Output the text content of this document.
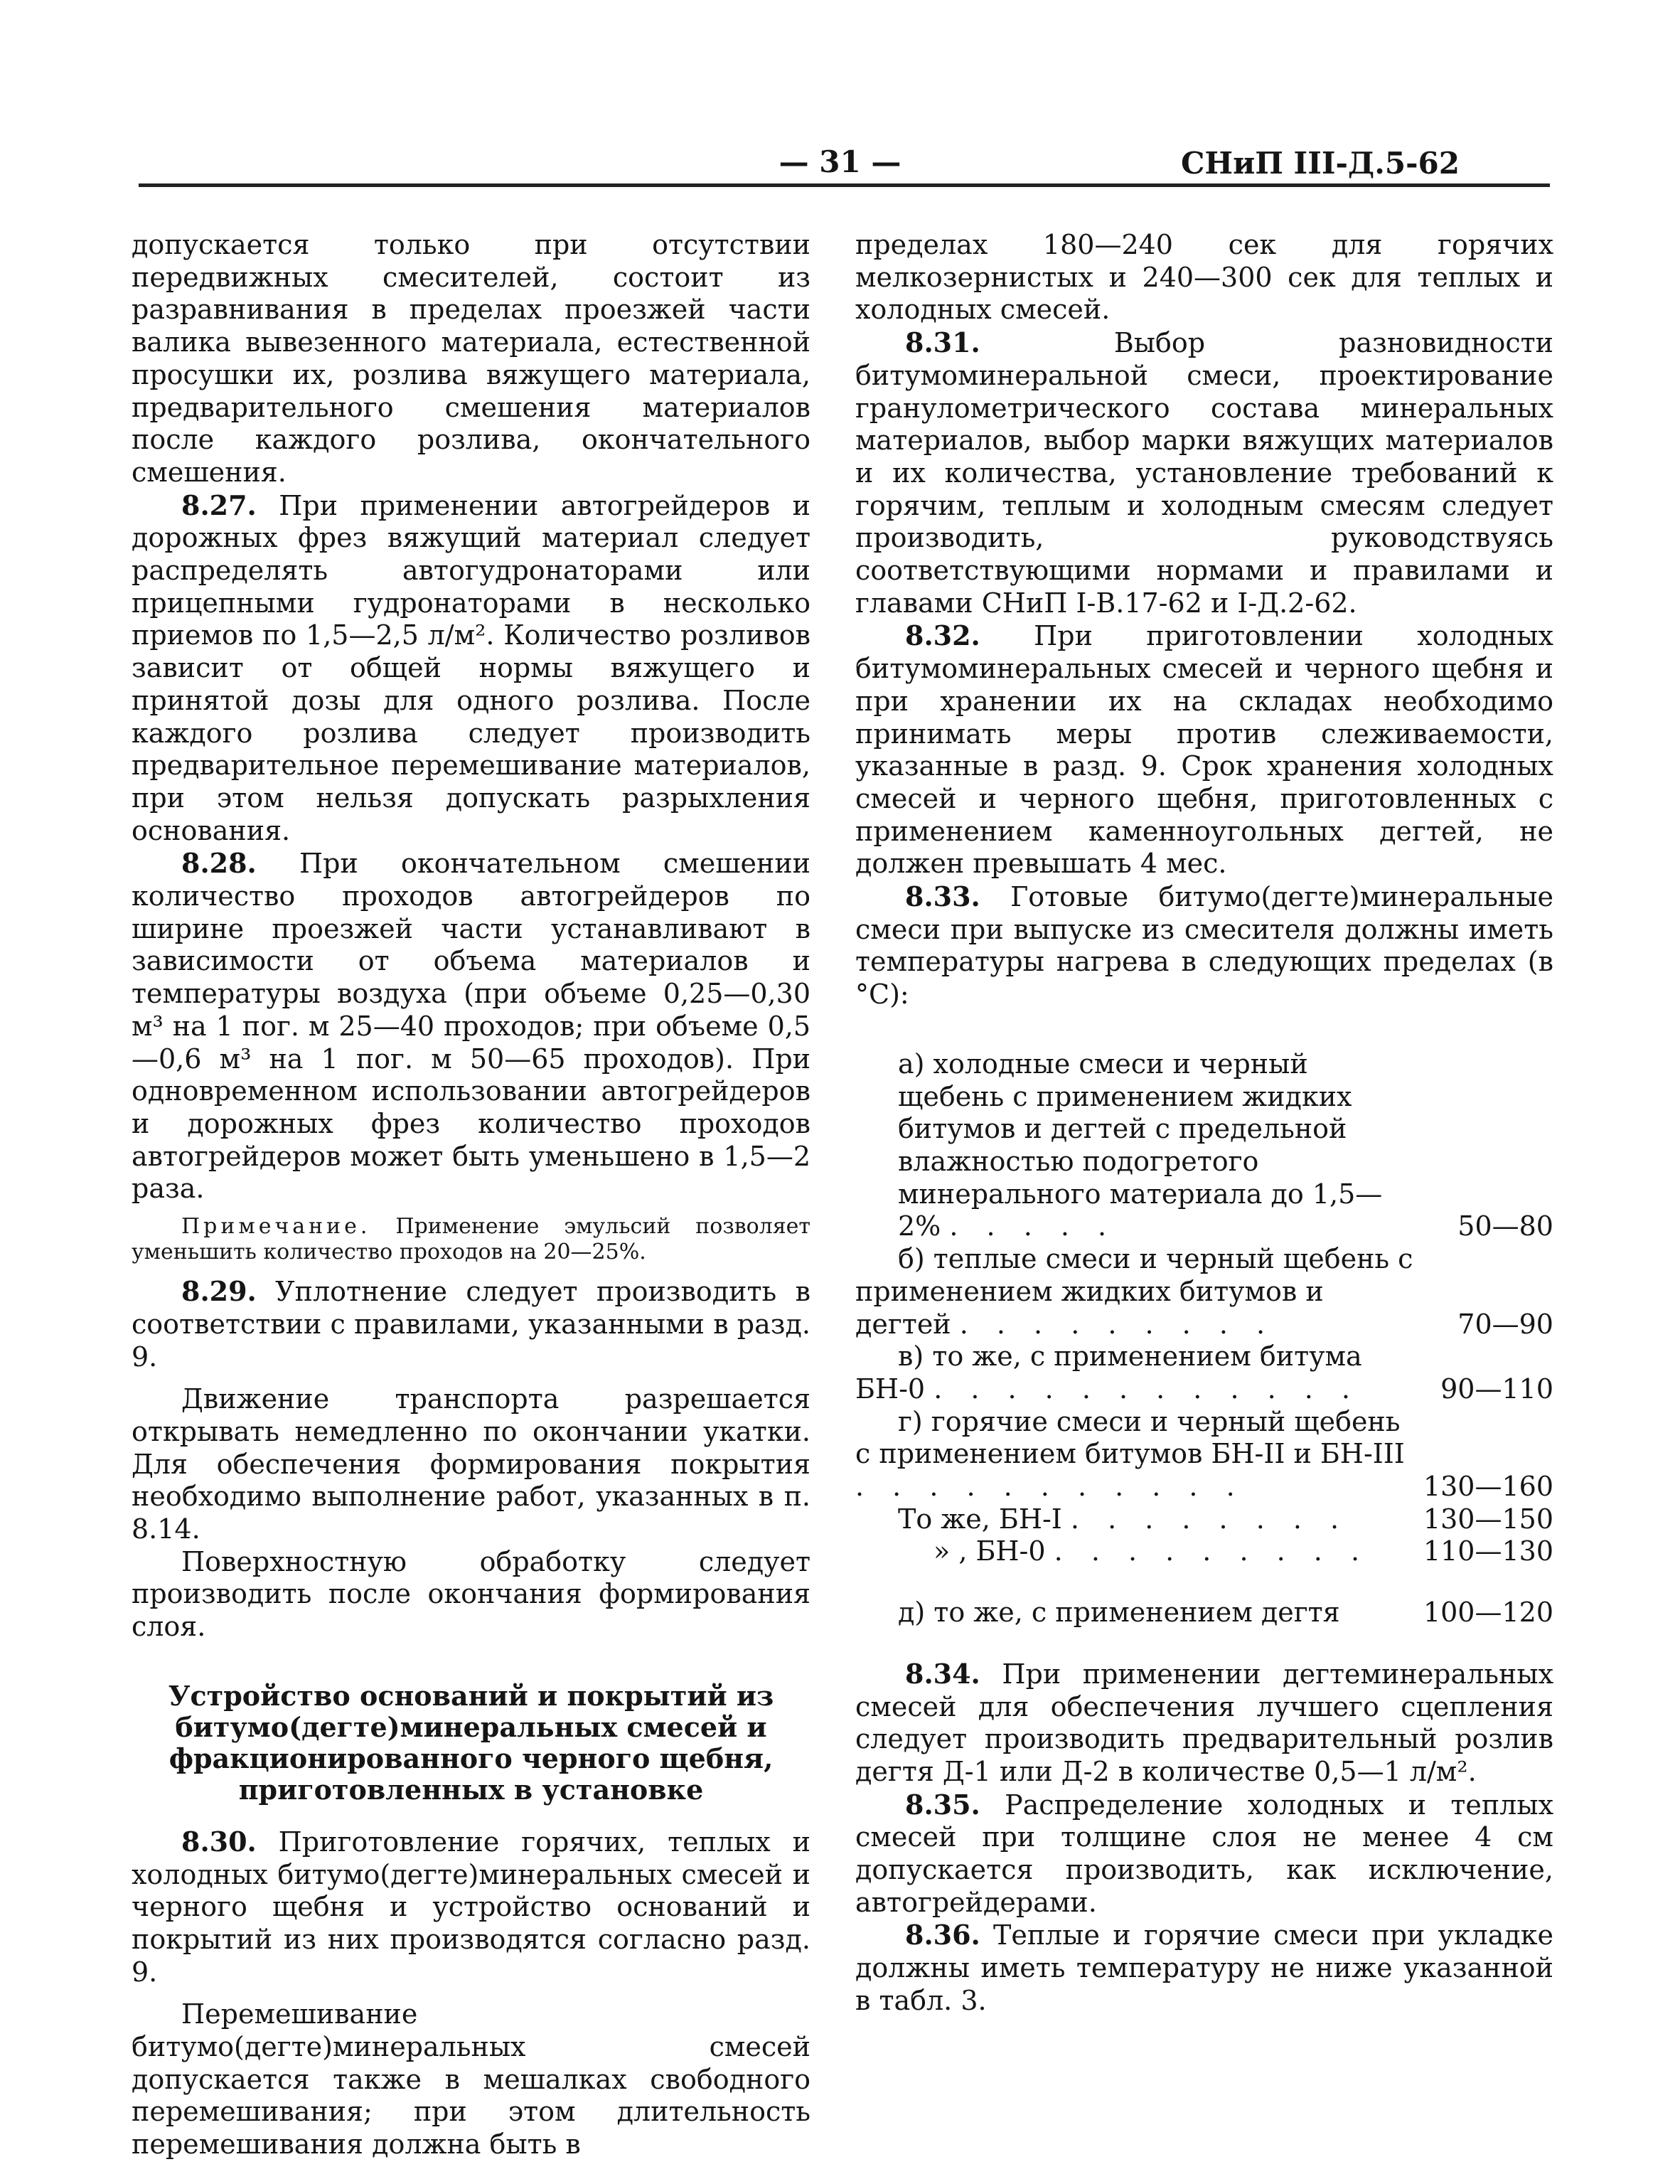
— 31 —	СНиП III-Д.5-62

допускается только при отсутствии передвижных смесителей, состоит из разравнивания в пределах проезжей части валика вывезенного материала, естественной просушки их, розлива вяжущего материала, предварительного смешения материалов после каждого розлива, окончательного смешения.

8.27. При применении автогрейдеров и дорожных фрез вяжущий материал следует распределять автогудронаторами или прицепными гудронаторами в несколько приемов по 1,5—2,5 л/м². Количество розливов зависит от общей нормы вяжущего и принятой дозы для одного розлива. После каждого розлива следует производить предварительное перемешивание материалов, при этом нельзя допускать разрыхления основания.

8.28. При окончательном смешении количество проходов автогрейдеров по ширине проезжей части устанавливают в зависимости от объема материалов и температуры воздуха (при объеме 0,25—0,30 м³ на 1 пог. м 25—40 проходов; при объеме 0,5—0,6 м³ на 1 пог. м 50—65 проходов). При одновременном использовании автогрейдеров и дорожных фрез количество проходов автогрейдеров может быть уменьшено в 1,5—2 раза.

Примечание. Применение эмульсий позволяет уменьшить количество проходов на 20—25%.

8.29. Уплотнение следует производить в соответствии с правилами, указанными в разд. 9.

Движение транспорта разрешается открывать немедленно по окончании укатки. Для обеспечения формирования покрытия необходимо выполнение работ, указанных в п. 8.14.

Поверхностную обработку следует производить после окончания формирования слоя.

Устройство оснований и покрытий из битумо(дегте)минеральных смесей и фракционированного черного щебня, приготовленных в установке

8.30. Приготовление горячих, теплых и холодных битумо(дегте)минеральных смесей и черного щебня и устройство оснований и покрытий из них производятся согласно разд. 9.

Перемешивание битумо(дегте)минеральных смесей допускается также в мешалках свободного перемешивания; при этом длительность перемешивания должна быть в

пределах 180—240 сек для горячих мелкозернистых и 240—300 сек для теплых и холодных смесей.

8.31. Выбор разновидности битумоминеральной смеси, проектирование гранулометрического состава минеральных материалов, выбор марки вяжущих материалов и их количества, установление требований к горячим, теплым и холодным смесям следует производить, руководствуясь соответствующими нормами и правилами и главами СНиП I-В.17-62 и I-Д.2-62.

8.32. При приготовлении холодных битумоминеральных смесей и черного щебня и при хранении их на складах необходимо принимать меры против слеживаемости, указанные в разд. 9. Срок хранения холодных смесей и черного щебня, приготовленных с применением каменноугольных дегтей, не должен превышать 4 мес.

8.33. Готовые битумо(дегте)минеральные смеси при выпуске из смесителя должны иметь температуры нагрева в следующих пределах (в °C):

а) холодные смеси и черный щебень с применением жидких битумов и дегтей с предельной влажностью подогретого минерального материала до 1,5—2% . . . . .	50—80
б) теплые смеси и черный щебень с применением жидких битумов и дегтей . . . . . . . . .	70—90
в) то же, с применением битума БН-0 . . . . . . . . . . . .	90—110
г) горячие смеси и черный щебень с применением битумов БН-II и БН-III . . . . . . . . . . .	130—160
То же, БН-I . . . . . . . .	130—150
» , БН-0 . . . . . . . . .	110—130
д) то же, с применением дегтя	100—120

8.34. При применении дегтеминеральных смесей для обеспечения лучшего сцепления следует производить предварительный розлив дегтя Д-1 или Д-2 в количестве 0,5—1 л/м².

8.35. Распределение холодных и теплых смесей при толщине слоя не менее 4 см допускается производить, как исключение, автогрейдерами.

8.36. Теплые и горячие смеси при укладке должны иметь температуру не ниже указанной в табл. 3.
